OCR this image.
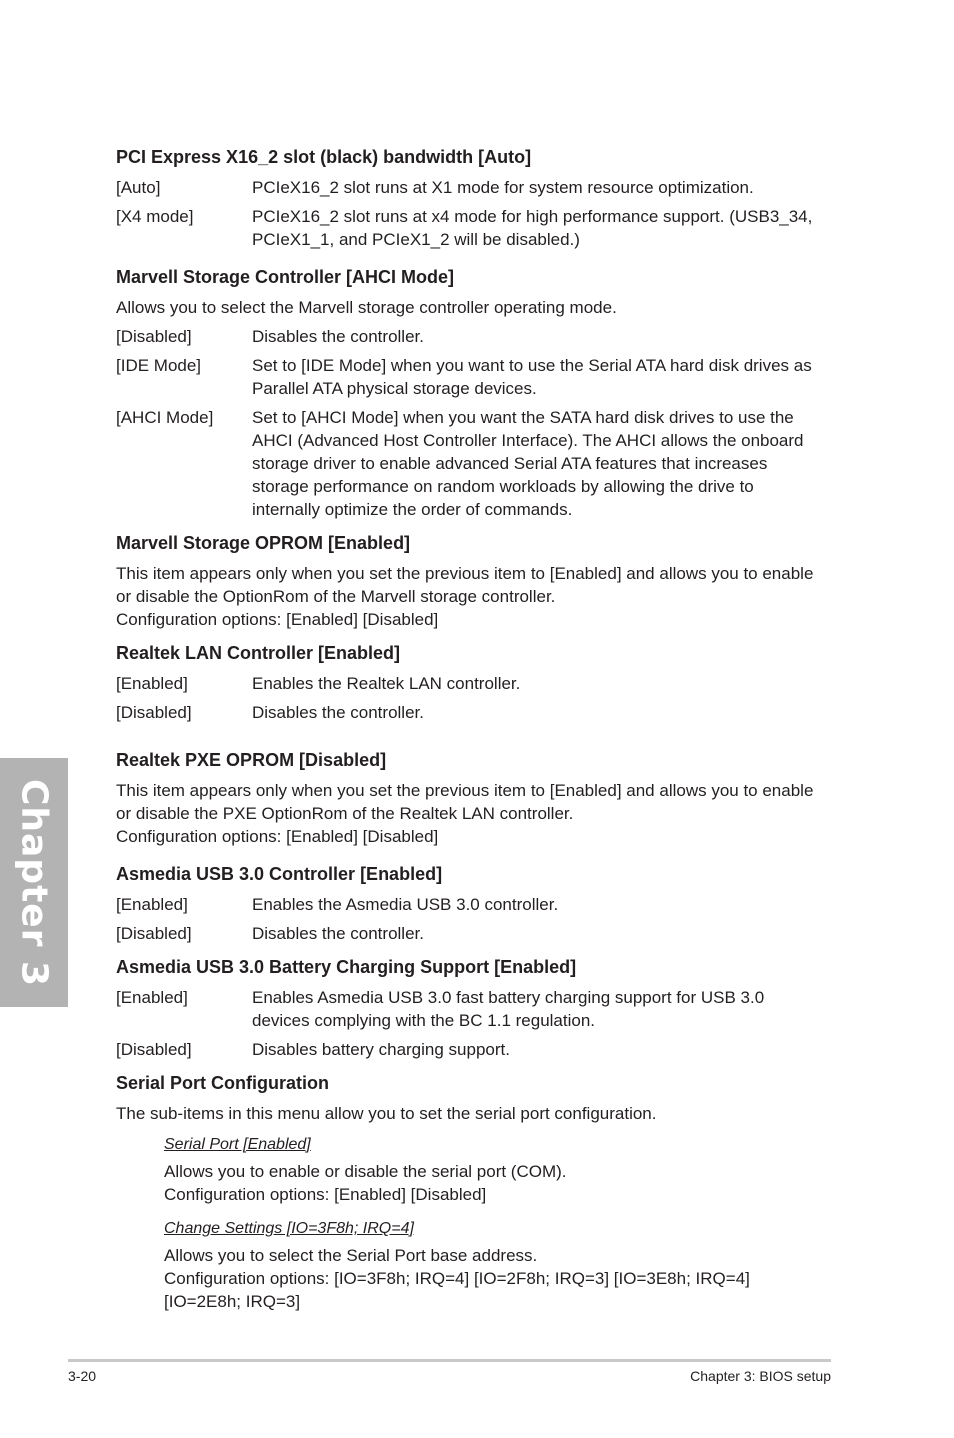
Chapter 3
PCI Express X16_2 slot (black) bandwidth [Auto]
[Auto]	PCIeX16_2 slot runs at X1 mode for system resource optimization.
[X4 mode]	PCIeX16_2 slot runs at x4 mode for high performance support. (USB3_34,
PCIeX1_1, and PCIeX1_2 will be disabled.)
Marvell Storage Controller [AHCI Mode]
Allows you to select the Marvell storage controller operating mode.
[Disabled]	Disables the controller.
[IDE Mode]	Set to [IDE Mode] when you want to use the Serial ATA hard disk drives as
Parallel ATA physical storage devices.
[AHCI Mode]	Set to [AHCI Mode] when you want the SATA hard disk drives to use the
AHCI (Advanced Host Controller Interface). The AHCI allows the onboard
storage driver to enable advanced Serial ATA features that increases
storage performance on random workloads by allowing the drive to
internally optimize the order of commands.
Marvell Storage OPROM [Enabled]
This item appears only when you set the previous item to [Enabled] and allows you to enable
or disable the OptionRom of the Marvell storage controller.
Configuration options: [Enabled] [Disabled]
Realtek LAN Controller [Enabled]
[Enabled]	Enables the Realtek LAN controller.
[Disabled]	Disables the controller.
Realtek PXE OPROM [Disabled]
This item appears only when you set the previous item to [Enabled] and allows you to enable
or disable the PXE OptionRom of the Realtek LAN controller.
Configuration options: [Enabled] [Disabled]
Asmedia USB 3.0 Controller [Enabled]
[Enabled]	Enables the Asmedia USB 3.0 controller.
[Disabled]	Disables the controller.
Asmedia USB 3.0 Battery Charging Support [Enabled]
[Enabled]	Enables Asmedia USB 3.0 fast battery charging support for USB 3.0
devices complying with the BC 1.1 regulation.
[Disabled]	Disables battery charging support.
Serial Port Configuration
The sub-items in this menu allow you to set the serial port configuration.
Serial Port [Enabled]
Allows you to enable or disable the serial port (COM).
Configuration options: [Enabled] [Disabled]
Change Settings [IO=3F8h; IRQ=4]
Allows you to select the Serial Port base address.
Configuration options: [IO=3F8h; IRQ=4] [IO=2F8h; IRQ=3] [IO=3E8h; IRQ=4]
[IO=2E8h; IRQ=3]
3-20	Chapter 3: BIOS setup
